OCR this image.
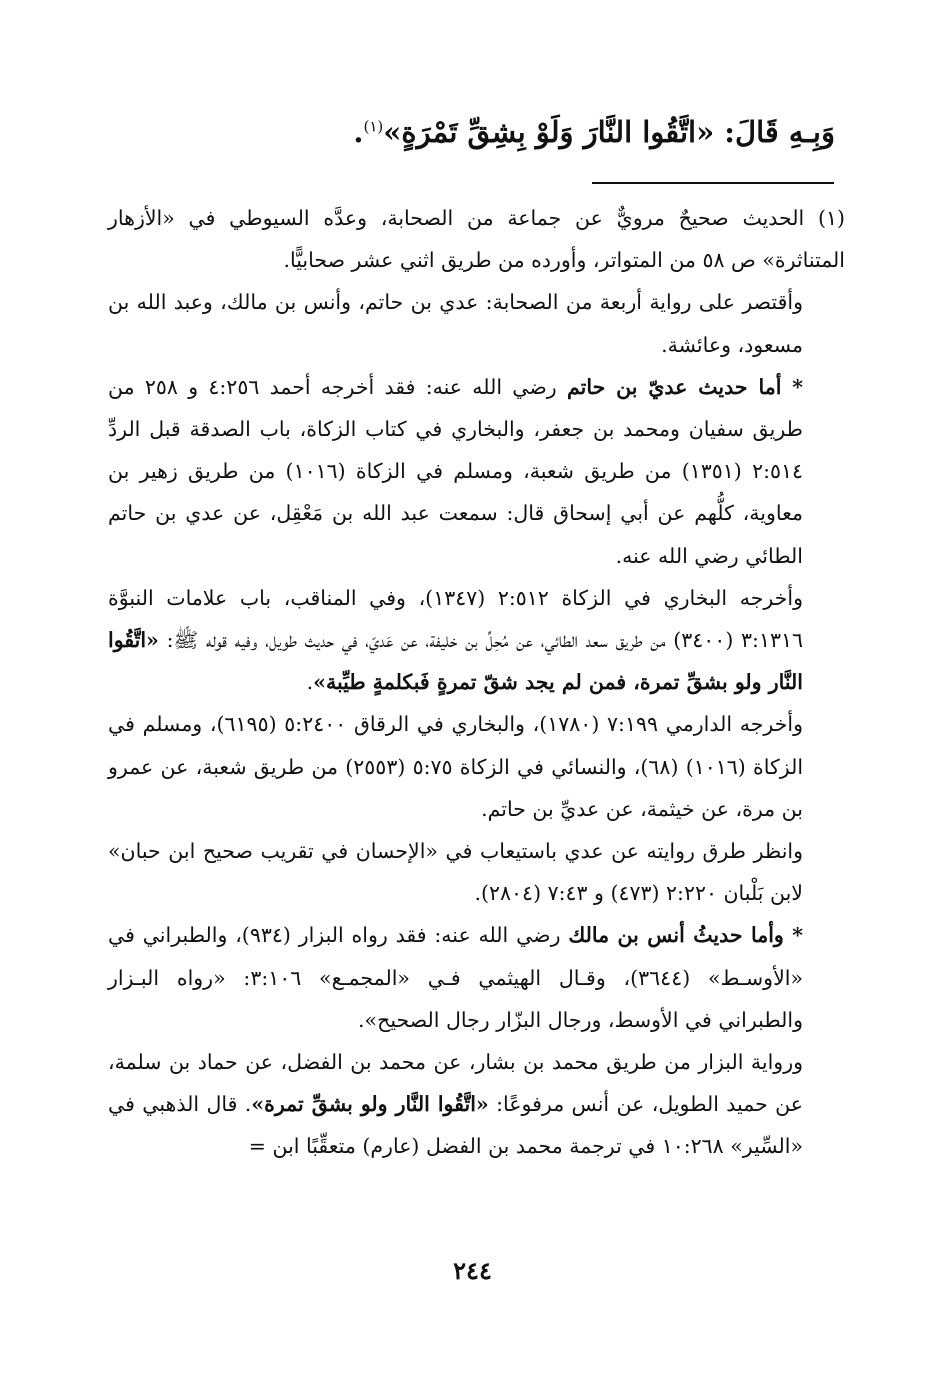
وَبِـهِ قَالَ: «اتَّقُوا النَّارَ وَلَوْ بِشِقِّ تَمْرَةٍ»$^{(١)}$.

(١) الحديث صحيحٌ مرويٌّ عن جماعة من الصحابة، وعدَّه السيوطي في «الأزهار المتناثرة» ص ٥٨ من المتواتر، وأورده من طريق اثني عشر صحابيًّا.

وأقتصر على رواية أربعة من الصحابة: عدي بن حاتم، وأنس بن مالك، وعبد الله بن مسعود، وعائشة.

* أما حديث عديّ بن حاتم رضي الله عنه: فقد أخرجه أحمد ٤:٢٥٦ و ٢٥٨ من طريق سفيان ومحمد بن جعفر، والبخاري في كتاب الزكاة، باب الصدقة قبل الردِّ ٢:٥١٤ (١٣٥١) من طريق شعبة، ومسلم في الزكاة (١٠١٦) من طريق زهير بن معاوية، كلُّهم عن أبي إسحاق قال: سمعت عبد الله بن مَعْقِل، عن عدي بن حاتم الطائي رضي الله عنه.

وأخرجه البخاري في الزكاة ٢:٥١٢ (١٣٤٧)، وفي المناقب، باب علامات النبوَّة ٣:١٣١٦ (٣٤٠٠) من طريق سعد الطائي، عن مُحِلِّ بن خليفة، عن عَديّ، في حديث طويل، وفيه قوله ﷺ: «اتَّقُوا النَّار ولو بشقِّ تمرة، فمن لم يجد شقّ تمرةٍ فَبكلمةٍ طيِّبة».

وأخرجه الدارمي ٧:١٩٩ (١٧٨٠)، والبخاري في الرقاق ٥:٢٤٠٠ (٦١٩٥)، ومسلم في الزكاة (١٠١٦) (٦٨)، والنسائي في الزكاة ٥:٧٥ (٢٥٥٣) من طريق شعبة، عن عمرو بن مرة، عن خيثمة، عن عديِّ بن حاتم.

وانظر طرق روايته عن عدي باستيعاب في «الإحسان في تقريب صحيح ابن حبان» لابن بَلْبان ٢:٢٢٠ (٤٧٣) و ٧:٤٣ (٢٨٠٤).

* وأما حديثُ أنس بن مالك رضي الله عنه: فقد رواه البزار (٩٣٤)، والطبراني في «الأوسـط» (٣٦٤٤)، وقـال الهيثمي فـي «المجمـع» ٣:١٠٦: «رواه البـزار والطبراني في الأوسط، ورجال البزّار رجال الصحيح».

ورواية البزار من طريق محمد بن بشار، عن محمد بن الفضل، عن حماد بن سلمة، عن حميد الطويل، عن أنس مرفوعًا: «اتَّقُوا النَّار ولو بشقِّ تمرة». قال الذهبي في «السِّير» ١٠:٢٦٨ في ترجمة محمد بن الفضل (عارم) متعقِّبًا ابن =

٢٤٤
